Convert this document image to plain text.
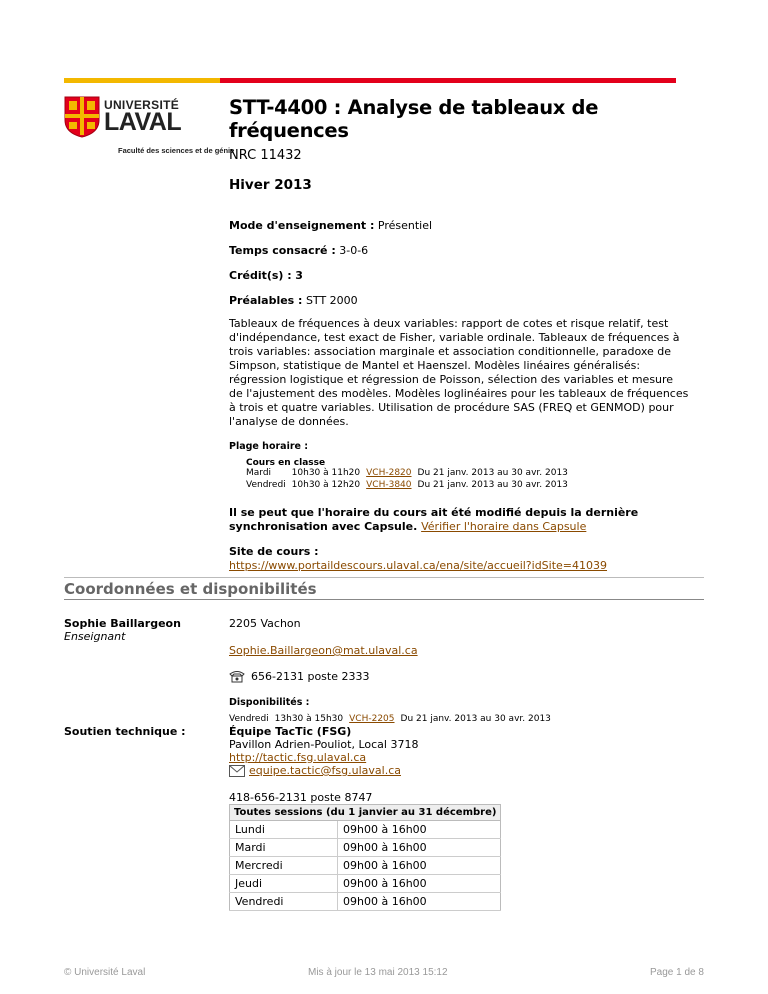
UNIVERSITÉ
LAVAL
Faculté des sciences et de génie
STT-4400 : Analyse de tableaux de fréquences
NRC 11432
Hiver 2013
Mode d'enseignement : Présentiel
Temps consacré : 3-0-6
Crédit(s) : 3
Préalables : STT 2000

Tableaux de fréquences à deux variables: rapport de cotes et risque relatif, test d'indépendance, test exact de Fisher, variable ordinale. Tableaux de fréquences à trois variables: association marginale et association conditionnelle, paradoxe de Simpson, statistique de Mantel et Haenszel. Modèles linéaires généralisés: régression logistique et régression de Poisson, sélection des variables et mesure de l'ajustement des modèles. Modèles loglinéaires pour les tableaux de fréquences à trois et quatre variables. Utilisation de procédure SAS (FREQ et GENMOD) pour l'analyse de données.

Plage horaire :
Cours en classe
Mardi	10h30 à 11h20	VCH-2820	Du 21 janv. 2013 au 30 avr. 2013
Vendredi	10h30 à 12h20	VCH-3840	Du 21 janv. 2013 au 30 avr. 2013

Il se peut que l'horaire du cours ait été modifié depuis la dernière synchronisation avec Capsule. Vérifier l'horaire dans Capsule

Site de cours :
https://www.portaildescours.ulaval.ca/ena/site/accueil?idSite=41039
Coordonnées et disponibilités
Sophie Baillargeon
Enseignant
2205 Vachon
Sophie.Baillargeon@mat.ulaval.ca
656-2131 poste 2333
Disponibilités :
Vendredi	13h30 à 15h30	VCH-2205	Du 21 janv. 2013 au 30 avr. 2013
Soutien technique :	Équipe TacTic (FSG)
Pavillon Adrien-Pouliot, Local 3718
http://tactic.fsg.ulaval.ca
equipe.tactic@fsg.ulaval.ca
418-656-2131 poste 8747
Toutes sessions (du 1 janvier au 31 décembre)	
Lundi	09h00 à 16h00
Mardi	09h00 à 16h00
Mercredi	09h00 à 16h00
Jeudi	09h00 à 16h00
Vendredi	09h00 à 16h00
© Université Laval	Mis à jour le 13 mai 2013 15:12	Page 1 de 8
